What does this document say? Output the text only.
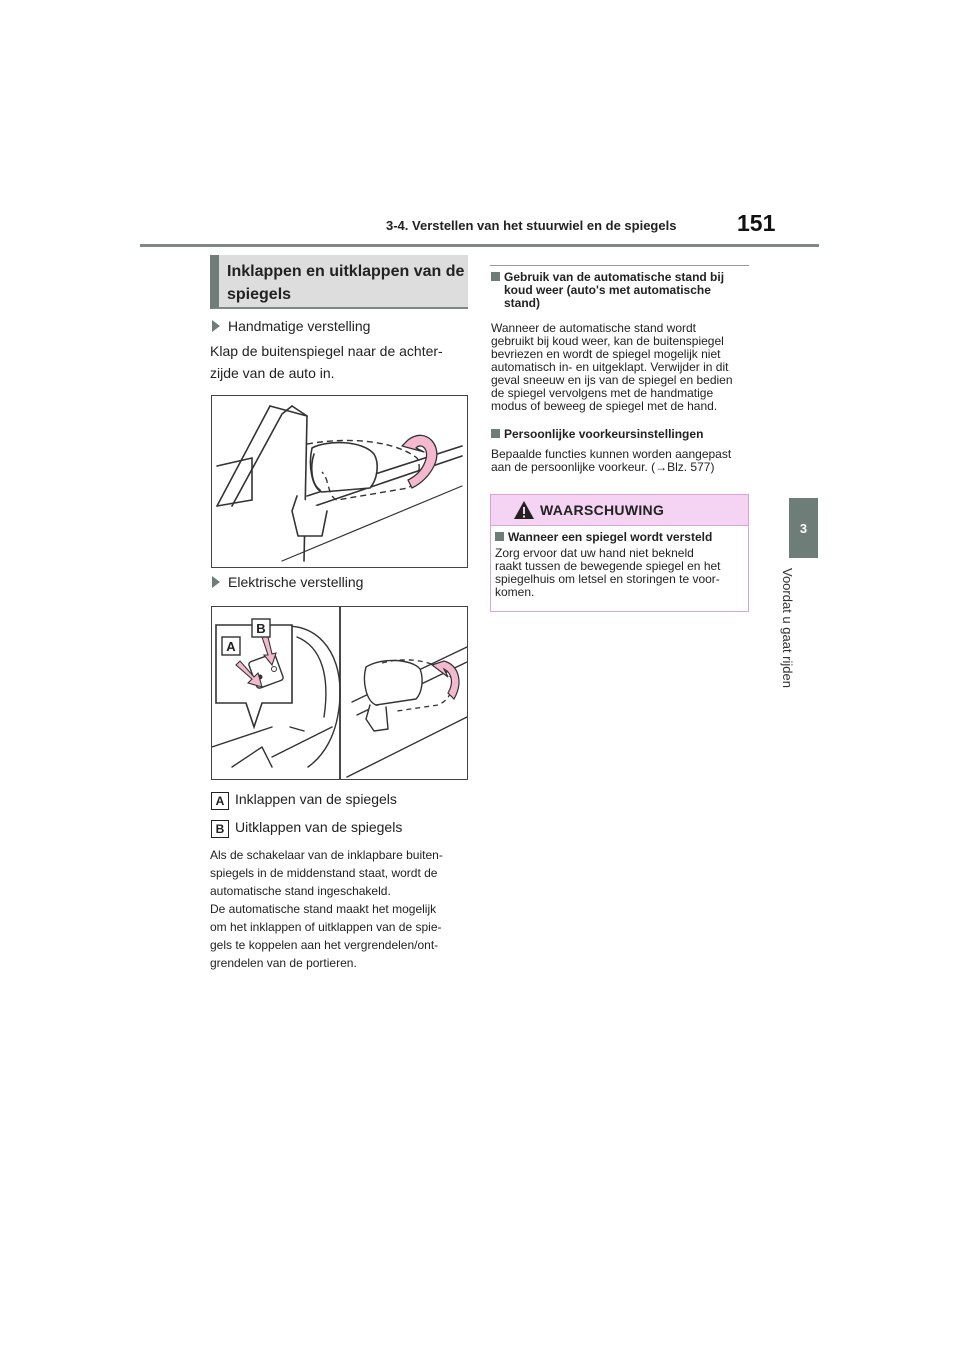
3-4. Verstellen van het stuurwiel en de spiegels	151
3
Voordat u gaat rijden
Inklappen en uitklappen van de spiegels
Handmatige verstelling
Klap de buitenspiegel naar de achter-
zijde van de auto in.
Elektrische verstelling
A
B
A Inklappen van de spiegels
B Uitklappen van de spiegels
Als de schakelaar van de inklapbare buiten-
spiegels in de middenstand staat, wordt de
automatische stand ingeschakeld.
De automatische stand maakt het mogelijk
om het inklappen of uitklappen van de spie-
gels te koppelen aan het vergrendelen/ont-
grendelen van de portieren.
Gebruik van de automatische stand bij
koud weer (auto's met automatische
stand)
Wanneer de automatische stand wordt
gebruikt bij koud weer, kan de buitenspiegel
bevriezen en wordt de spiegel mogelijk niet
automatisch in- en uitgeklapt. Verwijder in dit
geval sneeuw en ijs van de spiegel en bedien
de spiegel vervolgens met de handmatige
modus of beweeg de spiegel met de hand.
Persoonlijke voorkeursinstellingen
Bepaalde functies kunnen worden aangepast
aan de persoonlijke voorkeur. (→Blz. 577)
WAARSCHUWING
Wanneer een spiegel wordt versteld
Zorg ervoor dat uw hand niet bekneld
raakt tussen de bewegende spiegel en het
spiegelhuis om letsel en storingen te voor-
komen.
